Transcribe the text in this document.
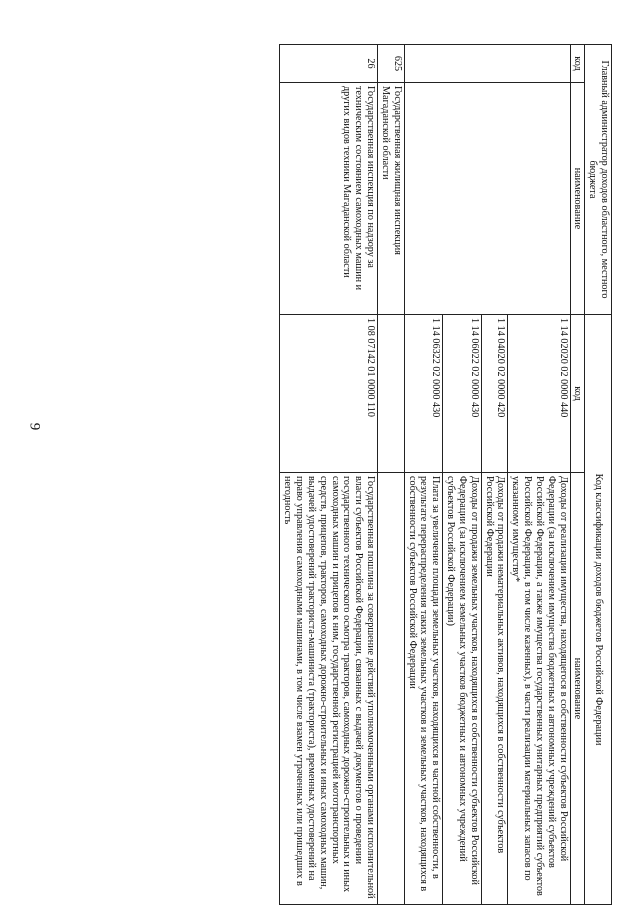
9
Главный администратор доходов областного, местного бюджета		Код классификации доходов бюджетов Российской Федерации	
код	наименование	код	наименование
		1 14 02020 02 0000 440	Доходы от реализации имущества, находящегося в собственности субъектов Российской Федерации (за исключением имущества бюджетных и автономных учреждений субъектов Российской Федерации, а также имущества государственных унитарных предприятий субъектов Российской Федерации, в том числе казенных), в части реализации материальных запасов по указанному имуществу*
		1 14 04020 02 0000 420	Доходы от продажи нематериальных активов, находящихся в собственности субъектов Российской Федерации
		1 14 06022 02 0000 430	Доходы от продажи земельных участков, находящихся в собственности субъектов Российской Федерации (за исключением земельных участков бюджетных и автономных учреждений субъектов Российской Федерации)
		1 14 06322 02 0000 430	Плата за увеличение площади земельных участков, находящихся в частной собственности, в результате перераспределения таких земельных участков и земельных участков, находящихся в собственности субъектов Российской Федерации
625	Государственная жилищная инспекция Магаданской области		
26	Государственная инспекция по надзору за техническим состоянием самоходных машин и других видов техники Магаданской области	1 08 07142 01 0000 110	Государственная пошлина за совершение действий уполномоченными органами исполнительной власти субъектов Российской Федерации, связанных с выдачей документов о проведении государственного технического осмотра тракторов, самоходных дорожно-строительных и иных самоходных машин и прицепов к ним, государственной регистрацией мототранспортных средств, прицепов, тракторов, самоходных дорожно-строительных и иных самоходных машин, выдачей удостоверений тракториста-машиниста (тракториста), временных удостоверений на право управления самоходными машинами, в том числе взамен утраченных или пришедших в негодность
